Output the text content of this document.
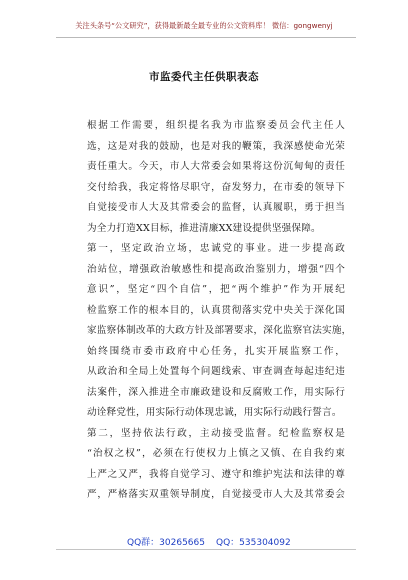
关注头条号“公文研究”，获得最新最全最专业的公文资料库！ 微信：gongwenyj
市监委代主任供职表态
根据工作需要，组织提名我为市监察委员会代主任人
选，这是对我的鼓励，也是对我的鞭策，我深感使命光荣
责任重大。今天，市人大常委会如果将这份沉甸甸的责任
交付给我，我定将恪尽职守，奋发努力，在市委的领导下
自觉接受市人大及其常委会的监督，认真履职，勇于担当
为全力打造XX目标，推进清廉XX建设提供坚强保障。
第一，坚定政治立场，忠诚党的事业。进一步提高政
治站位，增强政治敏感性和提高政治鉴别力，增强“四个
意识”，坚定“四个自信”，把“两个维护”作为开展纪
检监察工作的根本目的，认真贯彻落实党中央关于深化国
家监察体制改革的大政方针及部署要求，深化监察官法实施，
始终围绕市委市政府中心任务，扎实开展监察工作，
从政治和全局上处置每个问题线索、审查调查每起违纪违
法案件，深入推进全市廉政建设和反腐败工作，用实际行
动诠释党性，用实际行动体现忠诚，用实际行动践行誓言。
第二，坚持依法行政，主动接受监督。纪检监察权是
“治权之权”，必须在行使权力上慎之又慎、在自我约束
上严之又严，我将自觉学习、遵守和维护宪法和法律的尊
严，严格落实双重领导制度，自觉接受市人大及其常委会
QQ群：30265665 QQ：535304092
